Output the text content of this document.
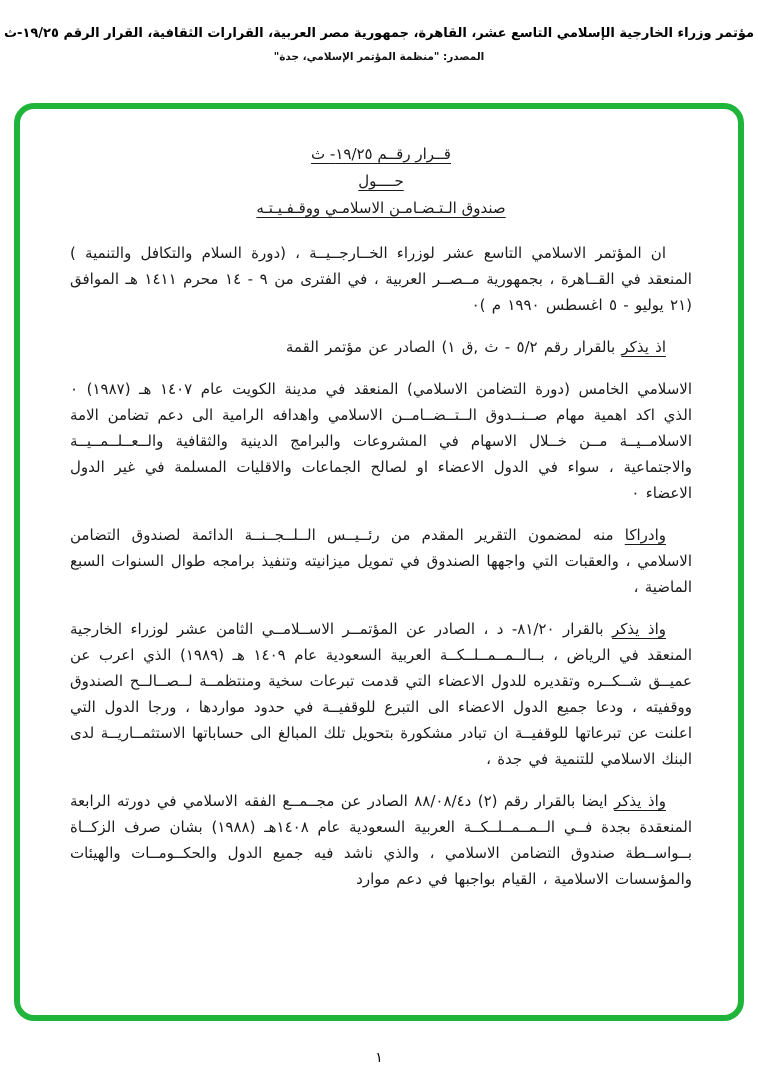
مؤتمر وزراء الخارجية الإسلامي التاسع عشر، القاهرة، جمهورية مصر العربية، القرارات الثقافية، القرار الرقم ١٩/٢٥-ث
المصدر: "منظمة المؤتمر الإسلامي، جدة"
قــرار رقــم ١٩/٢٥- ث
حــــول
صندوق الـتـضـامـن الاسلامـي ووقـفـيـتـه

ان المؤتمر الاسلامي التاسع عشر لوزراء الخــارجــيــة ، (دورة السلام والتكافل والتنمية ) المنعقد في القــاهرة ، بجمهورية مــصــر العربية ، في الفترى من ٩ - ١٤ محرم ١٤١١ هـ الموافق (٢١ يوليو - ٥ اغسطس ١٩٩٠ م )٠

اذ يذكر بالقرار رقم ٥/٢ - ث ,ق ١) الصادر عن مؤتمر القمة

الاسلامي الخامس (دورة التضامن الاسلامي) المنعقد في مدينة الكويت عام ١٤٠٧ هـ (١٩٨٧) ٠ الذي اكد اهمية مهام صــنــدوق الــتــضــامــن الاسلامي واهدافه الرامية الى دعم تضامن الامة الاسلامــيــة مــن خــلال الاسهام في المشروعات والبرامج الدينية والثقافية والــعــلــمــيــة والاجتماعية ، سواء في الدول الاعضاء او لصالح الجماعات والاقليات المسلمة في غير الدول الاعضاء ٠

وادراكا منه لمضمون التقرير المقدم من رئــيــس الــلــجــنــة الدائمة لصندوق التضامن الاسلامي ، والعقبات التي واجهها الصندوق في تمويل ميزانيته وتنفيذ برامجه طوال السنوات السبع الماضية ،

واذ يذكر بالقرار ٨١/٢٠- د ، الصادر عن المؤتمــر الاســلامــي الثامن عشر لوزراء الخارجية المنعقد في الرياض ، بــالــمــمــلــكــة العربية السعودية عام ١٤٠٩ هـ (١٩٨٩) الذي اعرب عن عميــق شــكــره وتقديره للدول الاعضاء التي قدمت تبرعات سخية ومنتظمــة لــصــالــح الصندوق ووقفيته ، ودعا جميع الدول الاعضاء الى التبرع للوقفيــة في حدود مواردها ، ورجا الدول التي اعلنت عن تبرعاتها للوقفيــة ان تبادر مشكورة بتحويل تلك المبالغ الى حساباتها الاستثمــاريــة لدى البنك الاسلامي للتنمية في جدة ،

واذ يذكر ايضا بالقرار رقم (٢) د٨٨/٠٨/٤ الصادر عن مجــمــع الفقه الاسلامي في دورته الرابعة المنعقدة بجدة فــي الــمــمــلــكــة العربية السعودية عام ١٤٠٨هـ (١٩٨٨) بشان صرف الزكــاة بــواســطة صندوق التضامن الاسلامي ، والذي ناشد فيه جميع الدول والحكــومــات والهيئات والمؤسسات الاسلامية ، القيام بواجبها في دعم موارد

١
